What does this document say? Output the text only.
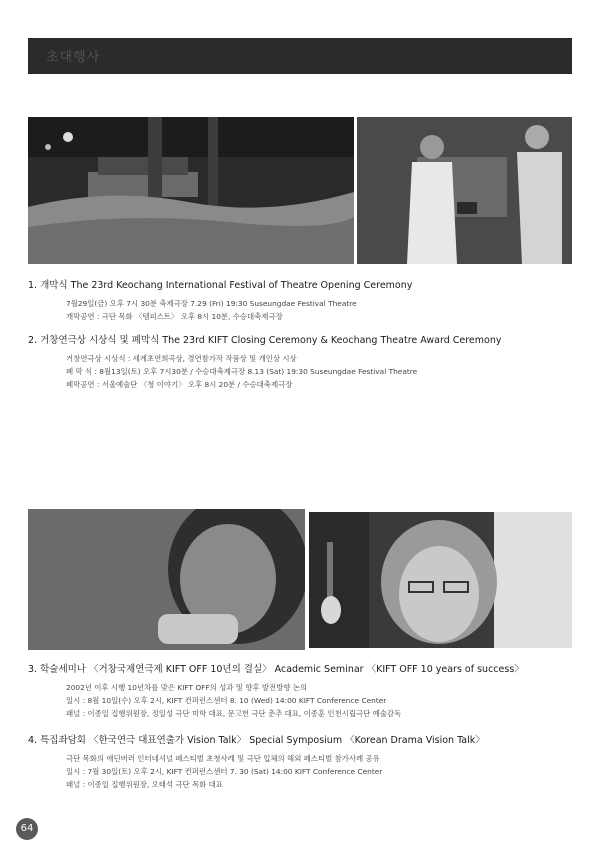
초대행사
1. 개막식 The 23rd Keochang International Festival of Theatre Opening Ceremony
7월29일(금) 오후 7시 30분 축제극장 7.29 (Fri) 19:30 Suseungdae Festival Theatre
개막공연 : 극단 목화 〈템피스트〉 오후 8시 10분, 수승대축제극장
2. 거창연극상 시상식 및 폐막식 The 23rd KIFT Closing Ceremony & Keochang Theatre Award Ceremony
거창연극상 시상식 : 세계초연희곡상, 경연참가작 작품상 및 개인상 시상
폐 막 식 : 8월13일(토) 오후 7시30분 / 수승대축제극장 8.13 (Sat) 19:30 Suseungdae Festival Theatre
폐막공연 : 서울예술단 〈청 이야기〉 오후 8시 20분 / 수승대축제극장
3. 학술세미나 〈거창국제연극제 KIFT OFF 10년의 결실〉 Academic Seminar 〈KIFT OFF 10 years of success〉
2002년 이후 시행 10년차를 맞은 KIFT OFF의 성과 및 향후 발전방향 논의
일시 : 8월 10일(수) 오후 2시, KIFT 컨퍼런스센터 8. 10 (Wed) 14:00 KIFT Conference Center
패널 : 이종일 집행위원장, 정일성 극단 미학 대표, 문고헌 극단 춘추 대표, 이종훈 인천시립극단 예술감독
4. 특집좌담회 〈한국연극 대표연출가 Vision Talk〉 Special Symposium 〈Korean Drama Vision Talk〉
극단 목화의 애딘버러 인터네셔널 페스티벌 초청사례 및 극단 입체의 해외 페스티벌 참가사례 공유
일시 : 7월 30일(토) 오후 2시, KIFT 컨퍼런스센터 7. 30 (Sat) 14:00 KIFT Conference Center
패널 : 이종일 집행위원장, 오태석 극단 목화 대표
64
